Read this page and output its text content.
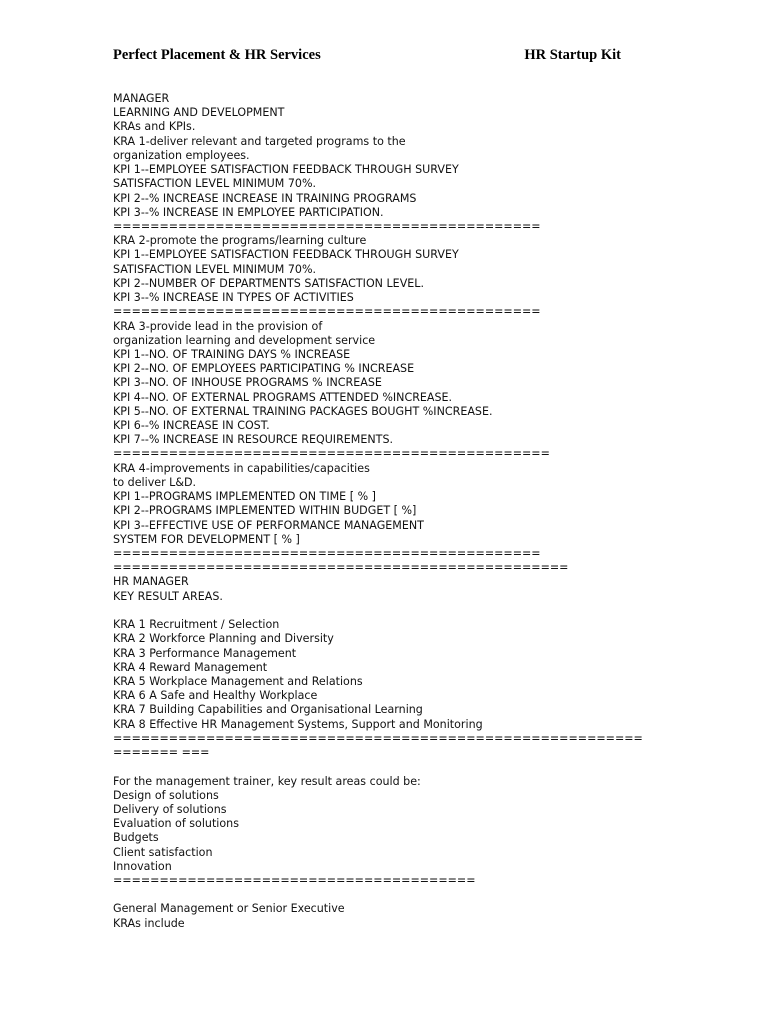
Perfect Placement & HR Services	HR Startup Kit
MANAGER
LEARNING AND DEVELOPMENT
KRAs and KPIs.
KRA 1-deliver relevant and targeted programs to the
organization employees.
KPI 1--EMPLOYEE SATISFACTION FEEDBACK THROUGH SURVEY
SATISFACTION LEVEL MINIMUM 70%.
KPI 2--% INCREASE INCREASE IN TRAINING PROGRAMS
KPI 3--% INCREASE IN EMPLOYEE PARTICIPATION.
==============================================
KRA 2-promote the programs/learning culture
KPI 1--EMPLOYEE SATISFACTION FEEDBACK THROUGH SURVEY
SATISFACTION LEVEL MINIMUM 70%.
KPI 2--NUMBER OF DEPARTMENTS SATISFACTION LEVEL.
KPI 3--% INCREASE IN TYPES OF ACTIVITIES
==============================================
KRA 3-provide lead in the provision of
organization learning and development service
KPI 1--NO. OF TRAINING DAYS % INCREASE
KPI 2--NO. OF EMPLOYEES PARTICIPATING % INCREASE
KPI 3--NO. OF INHOUSE PROGRAMS % INCREASE
KPI 4--NO. OF EXTERNAL PROGRAMS ATTENDED %INCREASE.
KPI 5--NO. OF EXTERNAL TRAINING PACKAGES BOUGHT %INCREASE.
KPI 6--% INCREASE IN COST.
KPI 7--% INCREASE IN RESOURCE REQUIREMENTS.
===============================================
KRA 4-improvements in capabilities/capacities
to deliver L&D.
KPI 1--PROGRAMS IMPLEMENTED ON TIME [ % ]
KPI 2--PROGRAMS IMPLEMENTED WITHIN BUDGET [ %]
KPI 3--EFFECTIVE USE OF PERFORMANCE MANAGEMENT
SYSTEM FOR DEVELOPMENT [ % ]
==============================================
=================================================
HR MANAGER
KEY RESULT AREAS.
KRA 1 Recruitment / Selection
KRA 2 Workforce Planning and Diversity
KRA 3 Performance Management
KRA 4 Reward Management
KRA 5 Workplace Management and Relations
KRA 6 A Safe and Healthy Workplace
KRA 7 Building Capabilities and Organisational Learning
KRA 8 Effective HR Management Systems, Support and Monitoring
=========================================================
======= ===
For the management trainer, key result areas could be:
Design of solutions
Delivery of solutions
Evaluation of solutions
Budgets
Client satisfaction
Innovation
=======================================
General Management or Senior Executive
KRAs include
